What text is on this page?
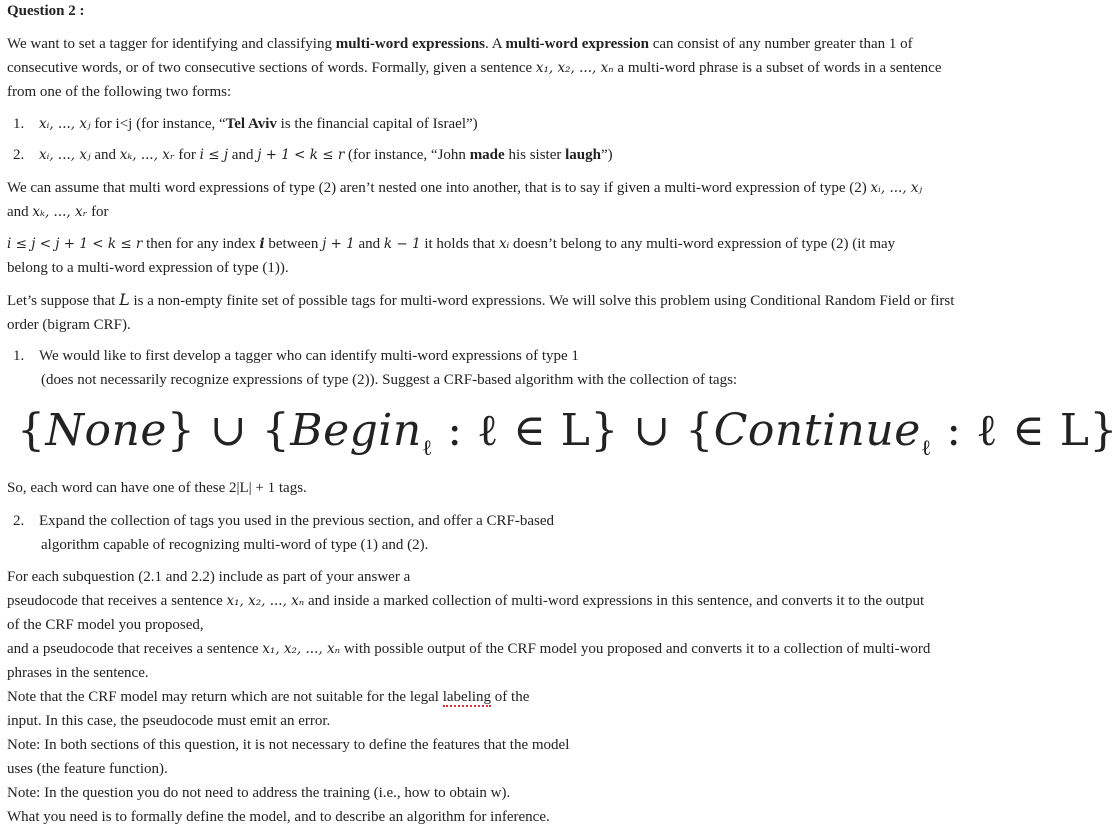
Question 2 :
We want to set a tagger for identifying and classifying multi-word expressions. A multi-word expression can consist of any number greater than 1 of
consecutive words, or of two consecutive sections of words. Formally, given a sentence x₁, x₂, ..., xₙ a multi-word phrase is a subset of words in a sentence
from one of the following two forms:
1. xᵢ, ..., xⱼ for i<j (for instance, “Tel Aviv is the financial capital of Israel”)
2. xᵢ, ..., xⱼ and xₖ, ..., xᵣ for i ≤ j and j + 1 < k ≤ r (for instance, “John made his sister laugh”)
We can assume that multi word expressions of type (2) aren’t nested one into another, that is to say if given a multi-word expression of type (2) xᵢ, ..., xⱼ
and xₖ, ..., xᵣ for
i ≤ j < j + 1 < k ≤ r then for any index i between j + 1 and k − 1 it holds that xᵢ doesn’t belong to any multi-word expression of type (2) (it may
belong to a multi-word expression of type (1)).
Let’s suppose that L is a non-empty finite set of possible tags for multi-word expressions. We will solve this problem using Conditional Random Field or first
order (bigram CRF).
1. We would like to first develop a tagger who can identify multi-word expressions of type 1
(does not necessarily recognize expressions of type (2)). Suggest a CRF-based algorithm with the collection of tags:
{None} ∪ {Begin$_\ell$ : ℓ ∈ L} ∪ {Continue$_\ell$ : ℓ ∈ L}
So, each word can have one of these 2|L| + 1 tags.
2. Expand the collection of tags you used in the previous section, and offer a CRF-based
algorithm capable of recognizing multi-word of type (1) and (2).
For each subquestion (2.1 and 2.2) include as part of your answer a
pseudocode that receives a sentence x₁, x₂, ..., xₙ and inside a marked collection of multi-word expressions in this sentence, and converts it to the output
of the CRF model you proposed,
and a pseudocode that receives a sentence x₁, x₂, ..., xₙ with possible output of the CRF model you proposed and converts it to a collection of multi-word
phrases in the sentence.
Note that the CRF model may return which are not suitable for the legal labeling of the
input. In this case, the pseudocode must emit an error.
Note: In both sections of this question, it is not necessary to define the features that the model
uses (the feature function).
Note: In the question you do not need to address the training (i.e., how to obtain w).
What you need is to formally define the model, and to describe an algorithm for inference.
